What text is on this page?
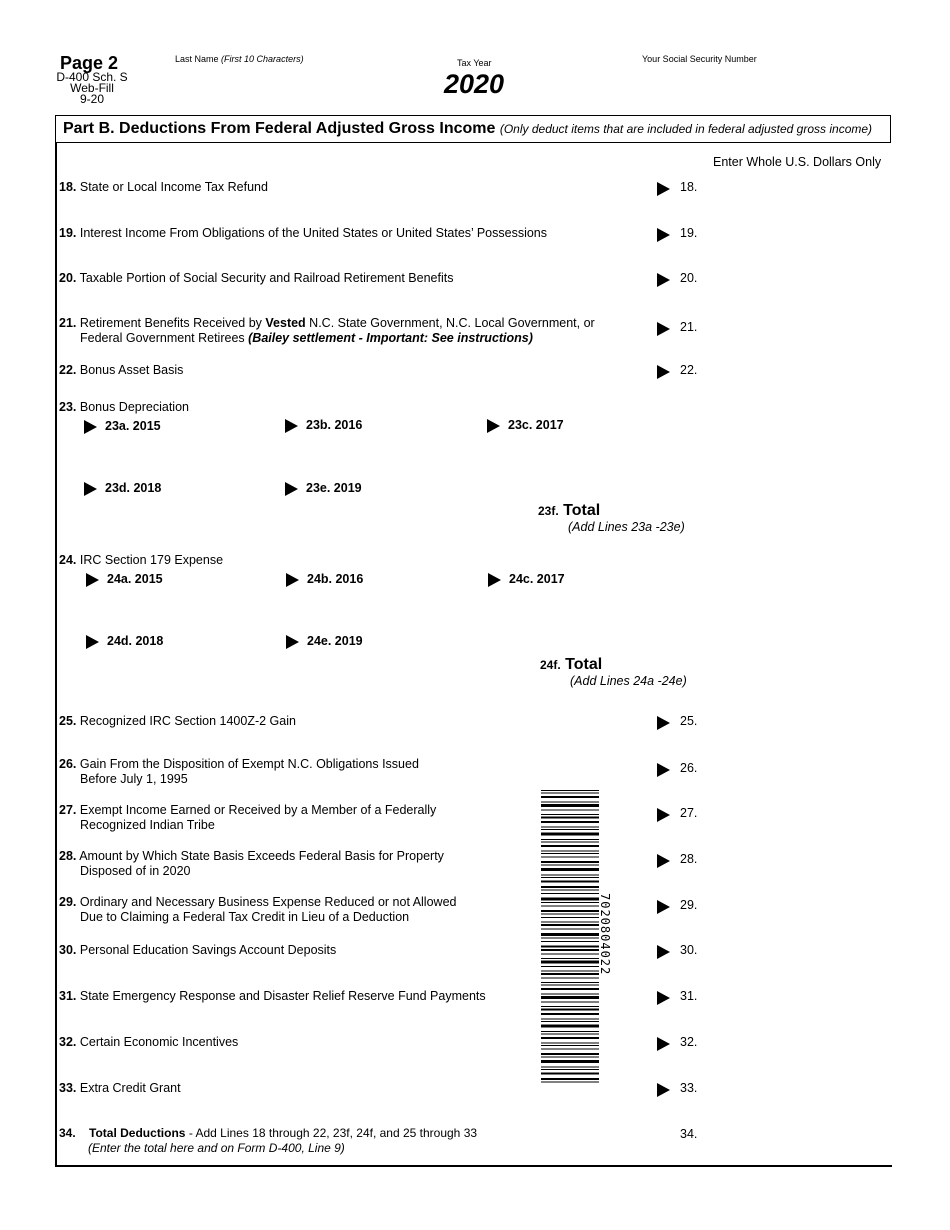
Page 2
D-400 Sch. S
Web-Fill
9-20
Last Name (First 10 Characters)	Tax Year
2020
Your Social Security Number
Part B. Deductions From Federal Adjusted Gross Income (Only deduct items that are included in federal adjusted gross income)
Enter Whole U.S. Dollars Only
18. State or Local Income Tax Refund	18.
19. Interest Income From Obligations of the United States or United States’ Possessions	19.
20. Taxable Portion of Social Security and Railroad Retirement Benefits	20.
21. Retirement Benefits Received by Vested N.C. State Government, N.C. Local Government, or
Federal Government Retirees (Bailey settlement - Important: See instructions)
21.
22. Bonus Asset Basis	22.
23. Bonus Depreciation
23a. 2015	23b. 2016	23c. 2017
23d. 2018	23e. 2019
23f. Total
(Add Lines 23a -23e)
24. IRC Section 179 Expense
24a. 2015	24b. 2016	24c. 2017
24d. 2018	24e. 2019
24f. Total
(Add Lines 24a -24e)
25. Recognized IRC Section 1400Z-2 Gain	25.
26. Gain From the Disposition of Exempt N.C. Obligations Issued
Before July 1, 1995
26.
27. Exempt Income Earned or Received by a Member of a Federally
Recognized Indian Tribe
27.
28. Amount by Which State Basis Exceeds Federal Basis for Property
Disposed of in 2020
28.
29. Ordinary and Necessary Business Expense Reduced or not Allowed
Due to Claiming a Federal Tax Credit in Lieu of a Deduction
29.
30. Personal Education Savings Account Deposits	30.
31. State Emergency Response and Disaster Relief Reserve Fund Payments	31.
32. Certain Economic Incentives	32.
33. Extra Credit Grant	33.
34. Total Deductions - Add Lines 18 through 22, 23f, 24f, and 25 through 33
(Enter the total here and on Form D-400, Line 9)
34.
7020804022
